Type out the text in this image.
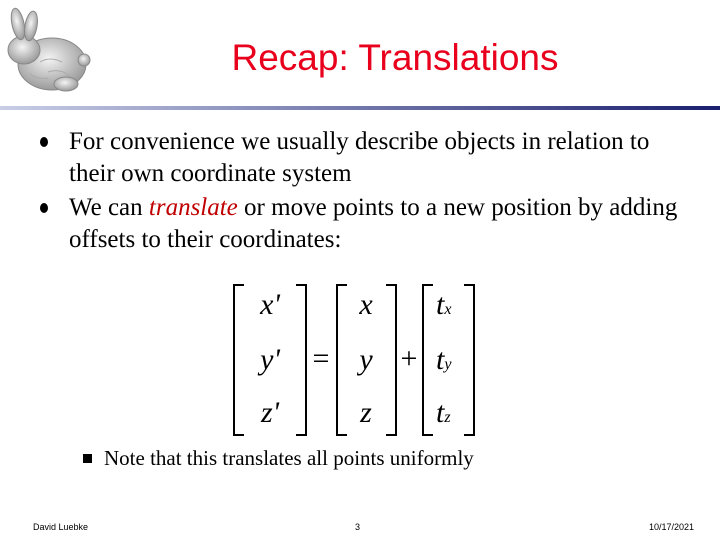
Recap: Translations
For convenience we usually describe objects in relation to their own coordinate system
We can translate or move points to a new position by adding offsets to their coordinates:
x'
y'
z'
x
y
z
tx
ty
tz
= +
Note that this translates all points uniformly
David Luebke	3	10/17/2021
